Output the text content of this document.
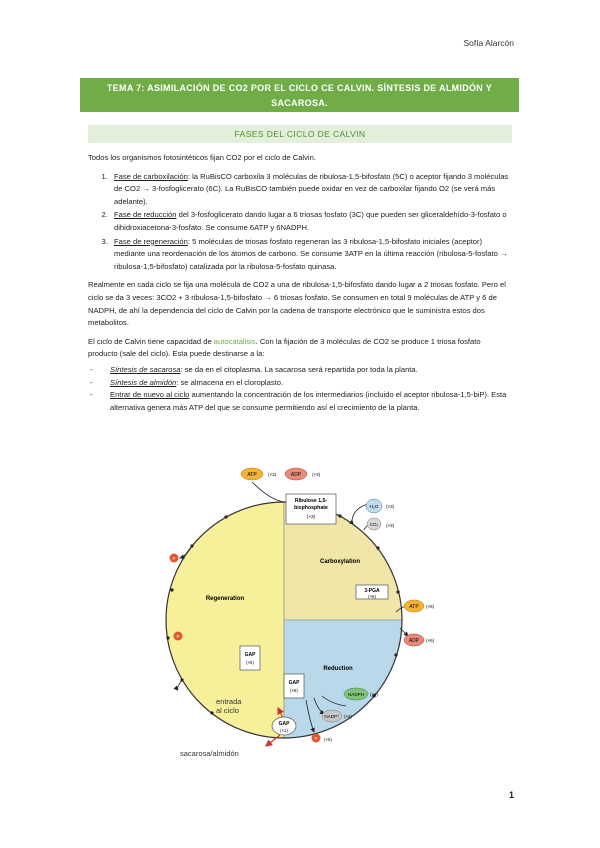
Sofía Alarcón
TEMA 7: ASIMILACIÓN DE CO2 POR EL CICLO CE CALVIN. SÍNTESIS DE ALMIDÓN Y
SACAROSA.
FASES DEL CICLO DE CALVIN

Todos los organismos fotosintéticos fijan CO2 por el ciclo de Calvin.

1. Fase de carboxilación: la RuBisCO carboxila 3 moléculas de ribulosa-1,5-bifosfato (5C) o aceptor fijando 3 moléculas de CO2 → 3-fosfoglicerato (6C). La RuBisCO también puede oxidar en vez de carboxilar fijando O2 (se verá más adelante).
2. Fase de reducción del 3-fosfoglicerato dando lugar a 6 triosas fosfato (3C) que pueden ser gliceraldehído-3-fosfato o dihidroxiacetona-3-fosfato. Se consume 6ATP y 6NADPH.
3. Fase de regeneración: 5 moléculas de triosas fosfato regeneran las 3 ribulosa-1,5-bifosfato iniciales (aceptor) mediante una reordenación de los átomos de carbono. Se consume 3ATP en la última reacción (ribulosa-5-fosfato → ribulosa-1,5-bifosfato) catalizada por la ribulosa-5-fosfato quinasa.

Realmente en cada ciclo se fija una molécula de CO2 a una de ribulosa-1,5-bifosfato dando lugar a 2 triosas fosfato. Pero el ciclo se da 3 veces: 3CO2 + 3 ribulosa-1,5-bifosfato → 6 triosas fosfato. Se consumen en total 9 moléculas de ATP y 6 de NADPH, de ahí la dependencia del ciclo de Calvin por la cadena de transporte electrónico que le suministra estos dos metabolitos.

El ciclo de Calvin tiene capacidad de autocatálisis. Con la fijación de 3 moléculas de CO2 se produce 1 triosa fosfato producto (sale del ciclo). Esta puede destinarse a la:

- Síntesis de sacarosa: se da en el citoplasma. La sacarosa será repartida por toda la planta.
- Síntesis de almidón: se almacena en el cloroplasto.
- Entrar de nuevo al ciclo aumentando la concentración de los intermediarios (incluido el aceptor ribulosa-1,5-biP). Esta alternativa genera más ATP del que se consume permitiendo así el crecimiento de la planta.
Regeneration
Carboxylation
Reduction
Ribulose 1,5-
bisphosphate
(×3)
ATP	(×3)	ADP (×3)
H₂O (×3)
CO₂ (×3)
3-PGA
(×6)
ATP (×6)
ADP (×6)
GAP
(×5)
GAP
(×6)
NADPH (×6)
NADP⁺ (×6)
P (×6)
P
P
entrada
al ciclo
GAP
(×1)
sacarosa/almidón
1
